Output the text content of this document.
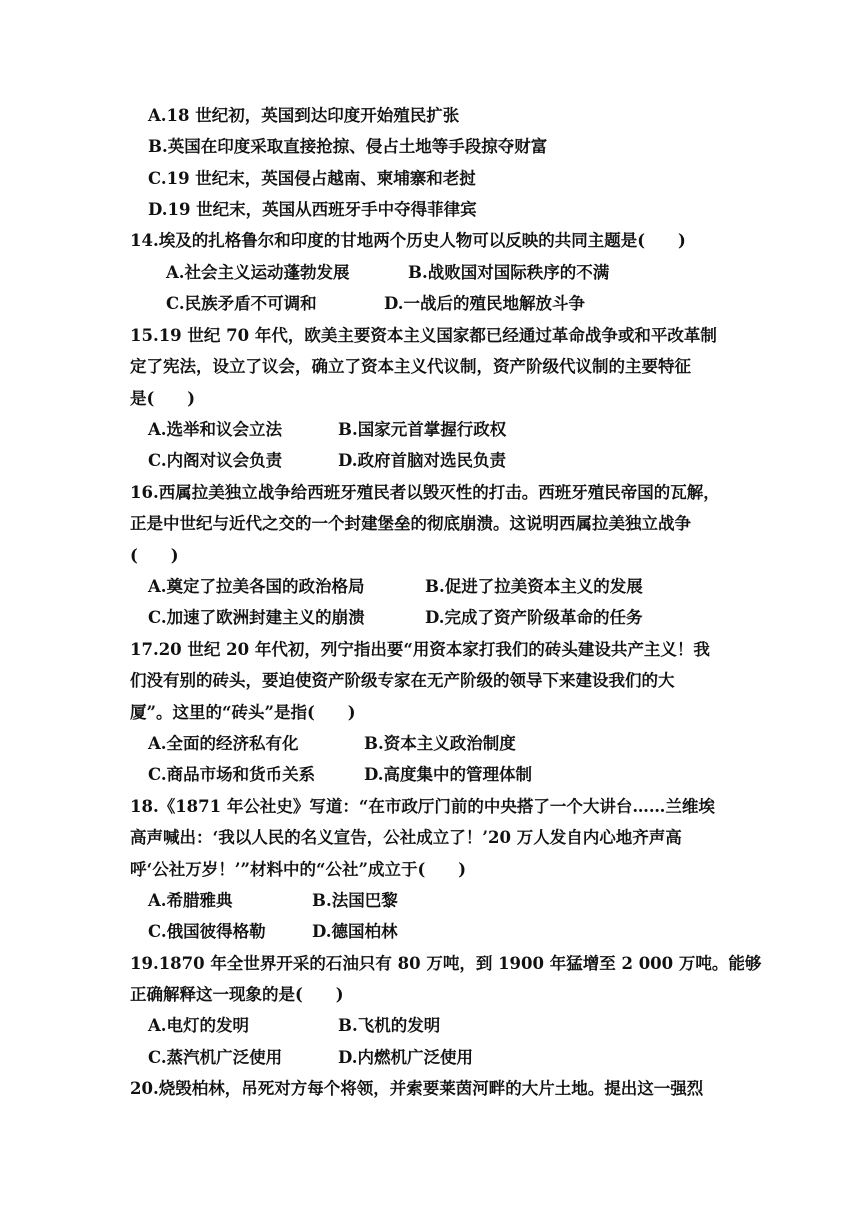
A.18 世纪初，英国到达印度开始殖民扩张
B.英国在印度采取直接抢掠、侵占土地等手段掠夺财富
C.19 世纪末，英国侵占越南、柬埔寨和老挝
D.19 世纪末，英国从西班牙手中夺得菲律宾
14.埃及的扎格鲁尔和印度的甘地两个历史人物可以反映的共同主题是(　　)
A.社会主义运动蓬勃发展	B.战败国对国际秩序的不满
C.民族矛盾不可调和	D.一战后的殖民地解放斗争
15.19 世纪 70 年代，欧美主要资本主义国家都已经通过革命战争或和平改革制
定了宪法，设立了议会，确立了资本主义代议制，资产阶级代议制的主要特征
是(　　)
A.选举和议会立法	B.国家元首掌握行政权
C.内阁对议会负责	D.政府首脑对选民负责
16.西属拉美独立战争给西班牙殖民者以毁灭性的打击。西班牙殖民帝国的瓦解，
正是中世纪与近代之交的一个封建堡垒的彻底崩溃。这说明西属拉美独立战争
(　　)
A.奠定了拉美各国的政治格局	B.促进了拉美资本主义的发展
C.加速了欧洲封建主义的崩溃	D.完成了资产阶级革命的任务
17.20 世纪 20 年代初，列宁指出要“用资本家打我们的砖头建设共产主义！我
们没有别的砖头，要迫使资产阶级专家在无产阶级的领导下来建设我们的大
厦”。这里的“砖头”是指(　　)
A.全面的经济私有化	B.资本主义政治制度
C.商品市场和货币关系	D.高度集中的管理体制
18.《1871 年公社史》写道：“在市政厅门前的中央搭了一个大讲台……兰维埃
高声喊出：‘我以人民的名义宣告，公社成立了！’20 万人发自内心地齐声高
呼‘公社万岁！’”材料中的“公社”成立于(　　)
A.希腊雅典	B.法国巴黎
C.俄国彼得格勒	D.德国柏林
19.1870 年全世界开采的石油只有 80 万吨，到 1900 年猛增至 2 000 万吨。能够
正确解释这一现象的是(　　)
A.电灯的发明	B.飞机的发明
C.蒸汽机广泛使用	D.内燃机广泛使用
20.烧毁柏林，吊死对方每个将领，并索要莱茵河畔的大片土地。提出这一强烈
